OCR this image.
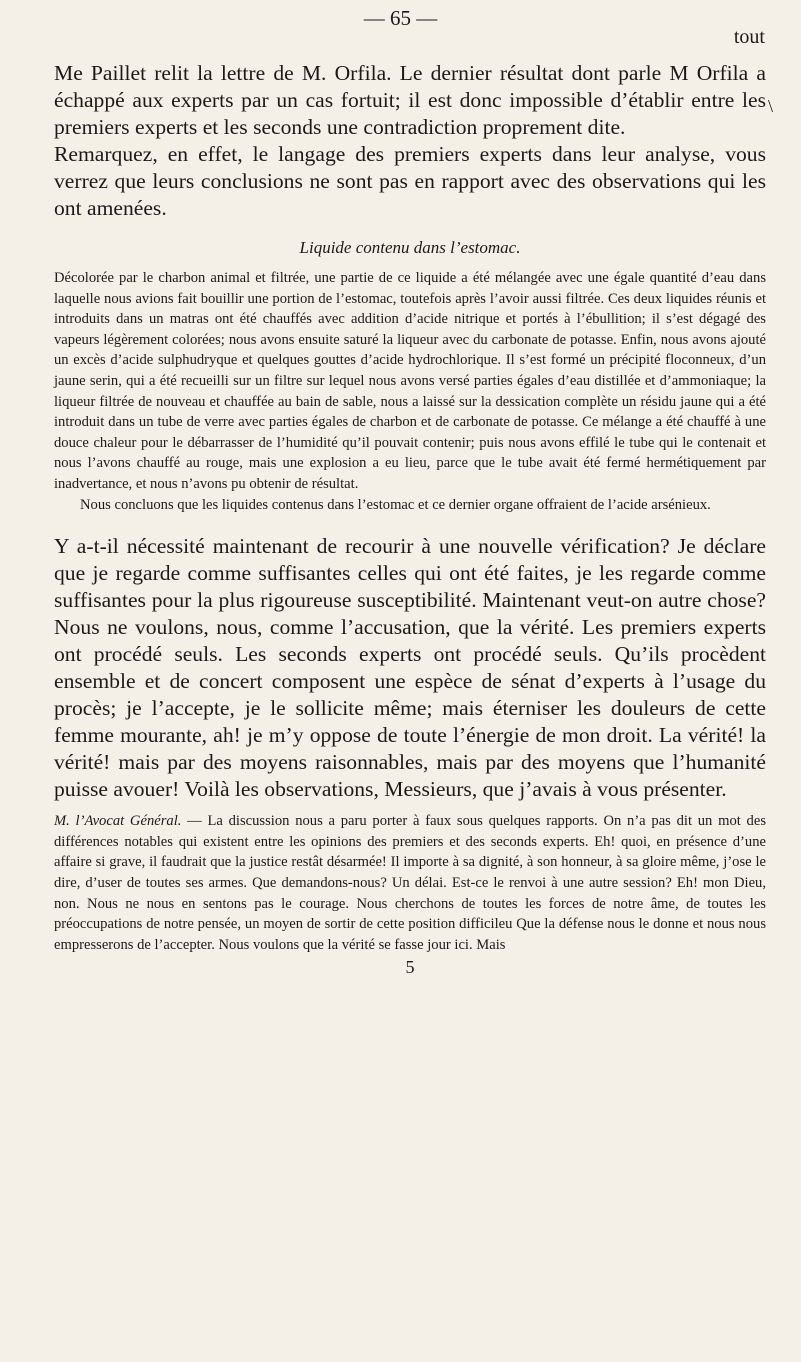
— 65 —
tout
\

Me Paillet relit la lettre de M. Orfila. Le dernier résultat dont parle M Orfila a échappé aux experts par un cas fortuit; il est donc impossible d’établir entre les premiers experts et les seconds une contradiction proprement dite.

Remarquez, en effet, le langage des premiers experts dans leur analyse, vous verrez que leurs conclusions ne sont pas en rapport avec des observations qui les ont amenées.

Liquide contenu dans l’estomac.

Décolorée par le charbon animal et filtrée, une partie de ce liquide a été mélangée avec une égale quantité d’eau dans laquelle nous avions fait bouillir une portion de l’estomac, toutefois après l’avoir aussi filtrée. Ces deux liquides réunis et introduits dans un matras ont été chauffés avec addition d’acide nitrique et portés à l’ébullition; il s’est dégagé des vapeurs légèrement colorées; nous avons ensuite saturé la liqueur avec du carbonate de potasse. Enfin, nous avons ajouté un excès d’acide sulphudryque et quelques gouttes d’acide hydrochlorique. Il s’est formé un précipité floconneux, d’un jaune serin, qui a été recueilli sur un filtre sur lequel nous avons versé parties égales d’eau distillée et d’ammoniaque; la liqueur filtrée de nouveau et chauffée au bain de sable, nous a laissé sur la dessication complète un résidu jaune qui a été introduit dans un tube de verre avec parties égales de charbon et de carbonate de potasse. Ce mélange a été chauffé à une douce chaleur pour le débarrasser de l’humidité qu’il pouvait contenir; puis nous avons effilé le tube qui le contenait et nous l’avons chauffé au rouge, mais une explosion a eu lieu, parce que le tube avait été fermé hermétiquement par inadvertance, et nous n’avons pu obtenir de résultat.

Nous concluons que les liquides contenus dans l’estomac et ce dernier organe offraient de l’acide arsénieux.

Y a-t-il nécessité maintenant de recourir à une nouvelle vérification? Je déclare que je regarde comme suffisantes celles qui ont été faites, je les regarde comme suffisantes pour la plus rigoureuse susceptibilité. Maintenant veut-on autre chose? Nous ne voulons, nous, comme l’accusation, que la vérité. Les premiers experts ont procédé seuls. Les seconds experts ont procédé seuls. Qu’ils procèdent ensemble et de concert composent une espèce de sénat d’experts à l’usage du procès; je l’accepte, je le sollicite même; mais éterniser les douleurs de cette femme mourante, ah! je m’y oppose de toute l’énergie de mon droit. La vérité! la vérité! mais par des moyens raisonnables, mais par des moyens que l’humanité puisse avouer! Voilà les observations, Messieurs, que j’avais à vous présenter.

M. l’Avocat Général. — La discussion nous a paru porter à faux sous quelques rapports. On n’a pas dit un mot des différences notables qui existent entre les opinions des premiers et des seconds experts. Eh! quoi, en présence d’une affaire si grave, il faudrait que la justice restât désarmée! Il importe à sa dignité, à son honneur, à sa gloire même, j’ose le dire, d’user de toutes ses armes. Que demandons-nous? Un délai. Est-ce le renvoi à une autre session? Eh! mon Dieu, non. Nous ne nous en sentons pas le courage. Nous cherchons de toutes les forces de notre âme, de toutes les préoccupations de notre pensée, un moyen de sortir de cette position difficileu Que la défense nous le donne et nous nous empresserons de l’accepter. Nous voulons que la vérité se fasse jour ici. Mais

5
